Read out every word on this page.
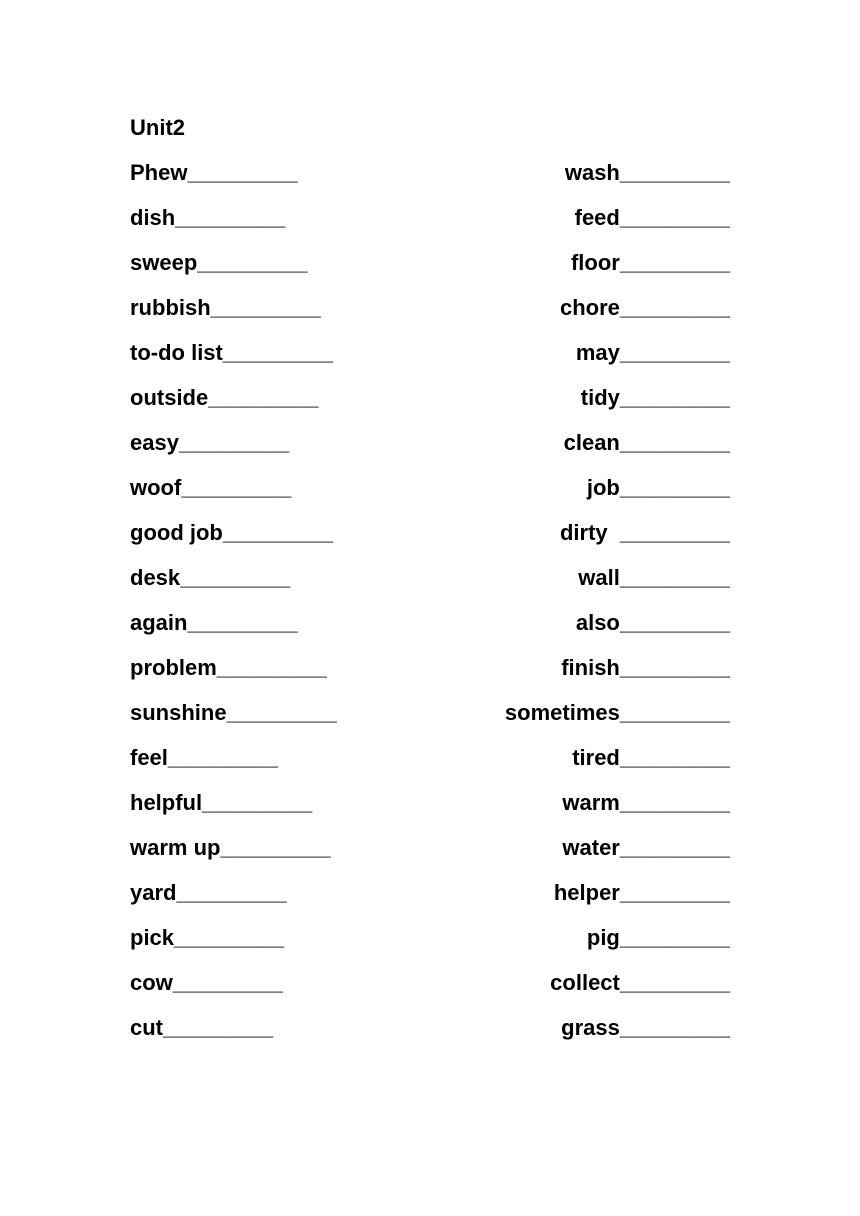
Unit2
Phew_________
dish_________
sweep_________
rubbish_________
to-do list_________
outside_________
easy_________
woof_________
good job_________
desk_________
again_________
problem_________
sunshine_________
feel_________
helpful_________
warm up_________
yard_________
pick_________
cow_________
cut_________
wash_________
feed_________
floor_________
chore_________
may_________
tidy_________
clean_________
job_________
dirty  _________
wall_________
also_________
finish_________
sometimes_________
tired_________
warm_________
water_________
helper_________
pig_________
collect_________
grass_________
